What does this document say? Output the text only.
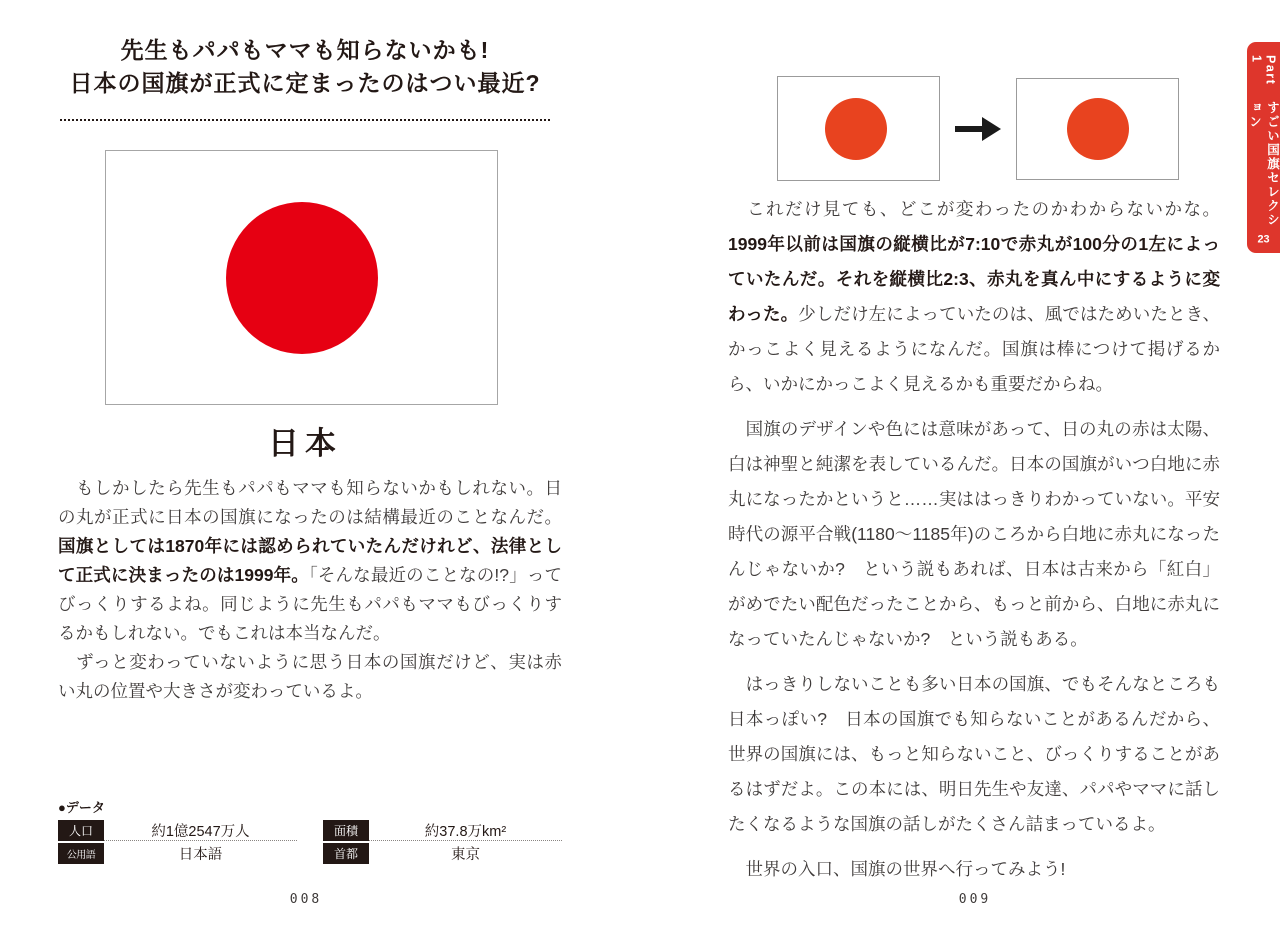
先生もパパもママも知らないかも!
日本の国旗が正式に定まったのはつい最近?
日本

　もしかしたら先生もパパもママも知らないかもしれない。日の丸が正式に日本の国旗になったのは結構最近のことなんだ。国旗としては1870年には認められていたんだけれど、法律として正式に決まったのは1999年。「そんな最近のことなの!?」ってびっくりするよね。同じように先生もパパもママもびっくりするかもしれない。でもこれは本当なんだ。

　ずっと変わっていないように思う日本の国旗だけど、実は赤い丸の位置や大きさが変わっているよ。

●データ
人口	約1億2547万人
公用語	日本語
面積	約37.8万km²
首都	東京
008

　これだけ見ても、どこが変わったのかわからないかな。1999年以前は国旗の縦横比が7:10で赤丸が100分の1左によっていたんだ。それを縦横比2:3、赤丸を真ん中にするように変わった。少しだけ左によっていたのは、風ではためいたとき、かっこよく見えるようになんだ。国旗は棒につけて掲げるから、いかにかっこよく見えるかも重要だからね。

　国旗のデザインや色には意味があって、日の丸の赤は太陽、白は神聖と純潔を表しているんだ。日本の国旗がいつ白地に赤丸になったかというと……実ははっきりわかっていない。平安時代の源平合戦(1180〜1185年)のころから白地に赤丸になったんじゃないか?　という説もあれば、日本は古来から「紅白」がめでたい配色だったことから、もっと前から、白地に赤丸になっていたんじゃないか?　という説もある。

　はっきりしないことも多い日本の国旗、でもそんなところも日本っぽい?　日本の国旗でも知らないことがあるんだから、世界の国旗には、もっと知らないこと、びっくりすることがあるはずだよ。この本には、明日先生や友達、パパやママに話したくなるような国旗の話しがたくさん詰まっているよ。

　世界の入口、国旗の世界へ行ってみよう!

009
Part 1
すごい国旗セレクション
23
